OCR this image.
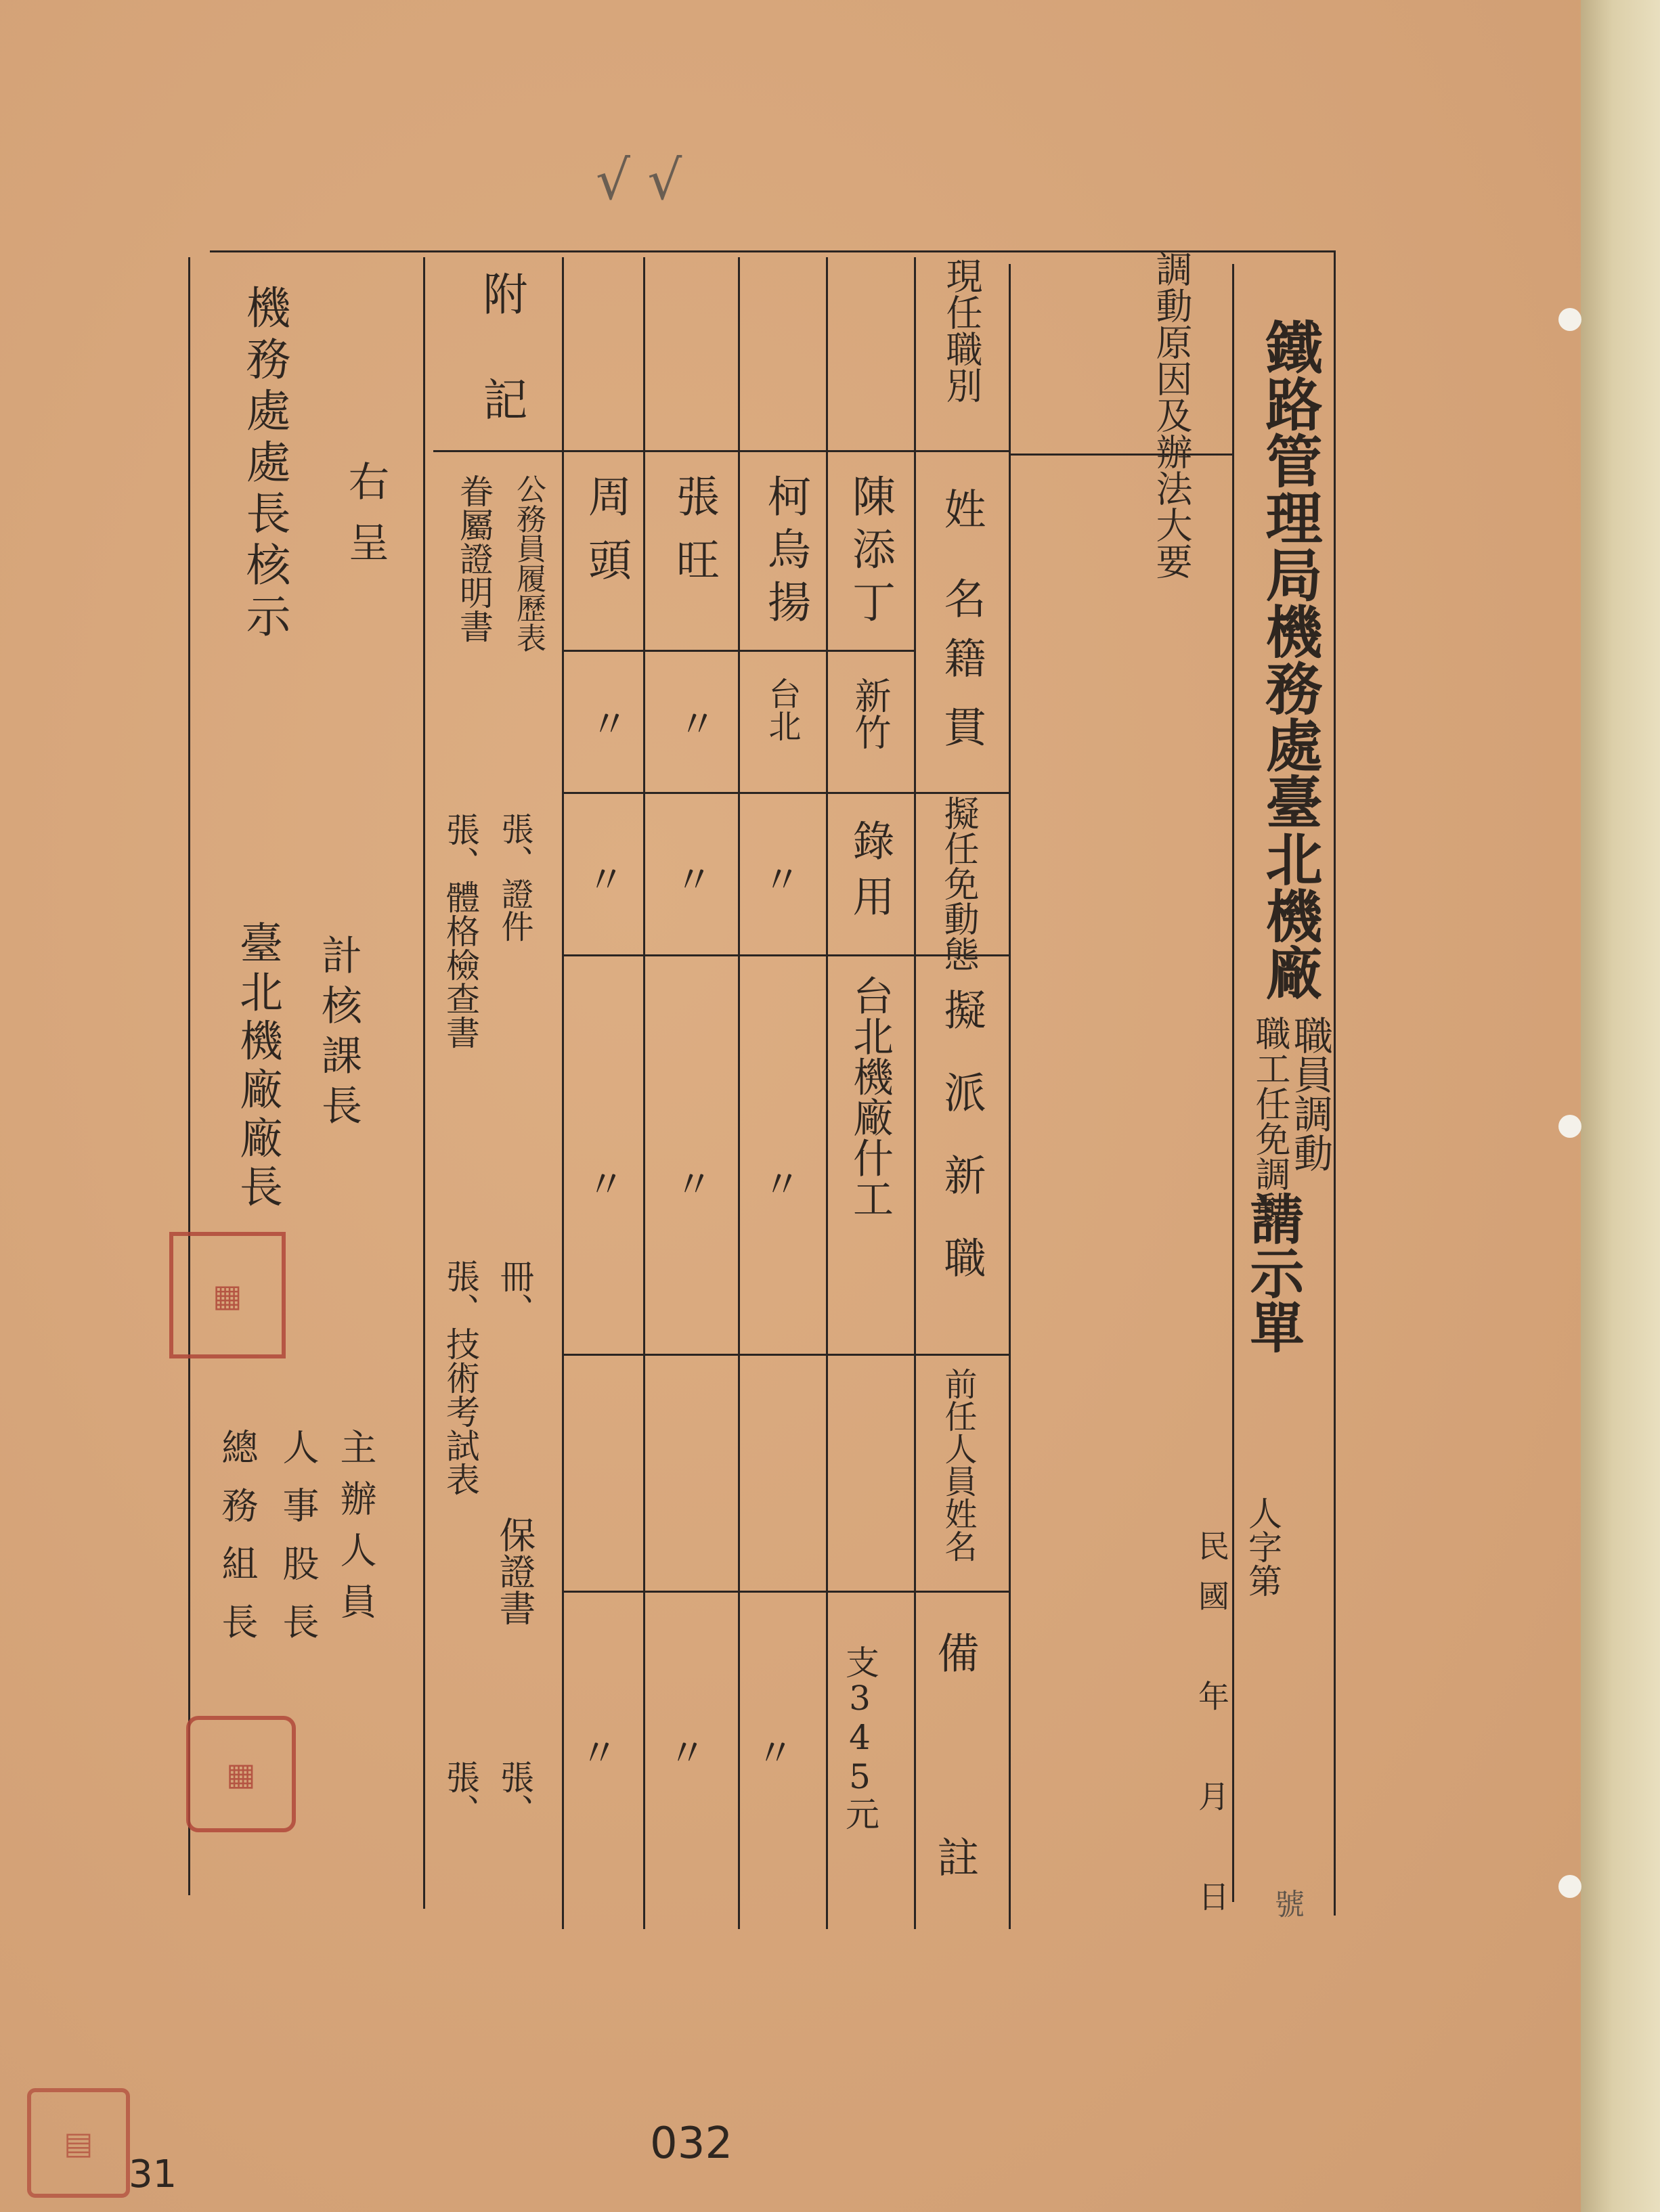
√ √
鐵路管理局機務處臺北機廠
職員調動
職工任免調動
請示單
人字第
號
民國　年　月　日
調動原因及辦法大要
現任職別
姓名
籍貫
擬任免動態
擬派新職
前任人員姓名
備註
陳添丁
新竹
錄用
台北機廠什工
支345元
柯烏揚
台北
〃
〃
〃
張旺
〃
〃
〃
〃
周頭
〃
〃
〃
〃
附記
公務員履歷表
眷屬證明書
張、證件
張、體格檢查書
冊、
張、技術考試表
保證書
張、
張、
右呈
機務處處長核示
計核課長
臺北機廠廠長
主辦人員
人事股長
總務組長
▦
▦
▤	032
31
